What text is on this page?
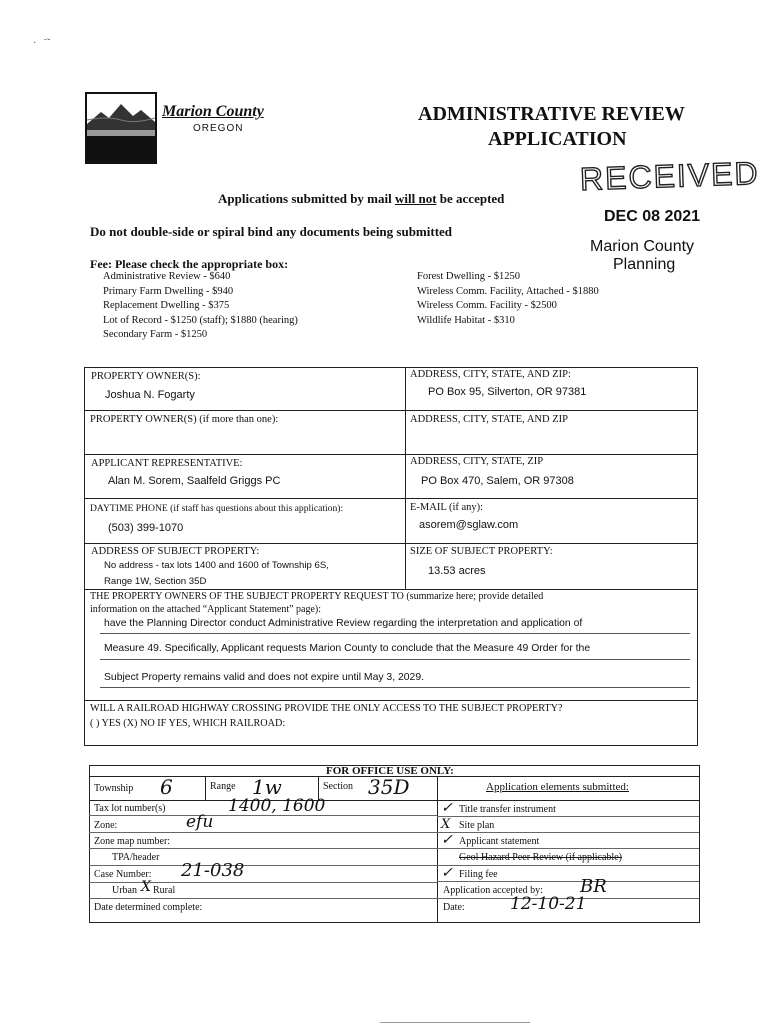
·   ˜ˇ
Marion County
OREGON
ADMINISTRATIVE REVIEW
APPLICATION
RECEIVED
DEC 08 2021
Marion County
Planning
Applications submitted by mail will not be accepted
Do not double-side or spiral bind any documents being submitted
Fee: Please check the appropriate box:
Administrative Review - $640
Primary Farm Dwelling - $940
Replacement Dwelling - $375
Lot of Record - $1250 (staff); $1880 (hearing)
Secondary Farm - $1250
Forest Dwelling - $1250
Wireless Comm. Facility, Attached - $1880
Wireless Comm. Facility - $2500
Wildlife Habitat - $310
PROPERTY OWNER(S):
Joshua N. Fogarty
ADDRESS, CITY, STATE, AND ZIP:
PO Box 95, Silverton, OR 97381
PROPERTY OWNER(S) (if more than one):	ADDRESS, CITY, STATE, AND ZIP
APPLICANT REPRESENTATIVE:
Alan M. Sorem, Saalfeld Griggs PC
ADDRESS, CITY, STATE, ZIP
PO Box 470, Salem, OR 97308
DAYTIME PHONE (if staff has questions about this application):
(503) 399-1070
E-MAIL (if any):
asorem@sglaw.com
ADDRESS OF SUBJECT PROPERTY:
No address - tax lots 1400 and 1600 of Township 6S,
Range 1W, Section 35D
SIZE OF SUBJECT PROPERTY:
13.53 acres
THE PROPERTY OWNERS OF THE SUBJECT PROPERTY REQUEST TO (summarize here; provide detailed
information on the attached “Applicant Statement” page):
have the Planning Director conduct Administrative Review regarding the interpretation and application of
Measure 49. Specifically, Applicant requests Marion County to conclude that the Measure 49 Order for the
Subject Property remains valid and does not expire until May 3, 2029.
WILL A RAILROAD HIGHWAY CROSSING PROVIDE THE ONLY ACCESS TO THE SUBJECT PROPERTY?
( ) YES (X) NO IF YES, WHICH RAILROAD:
FOR OFFICE USE ONLY:
Township 6	Range 1w	Section 35D
Tax lot number(s)	1400, 1600
Zone:	efu
Zone map number:
TPA/header
Case Number: 21-038
Urban X Rural
Date determined complete:
Application elements submitted:
✓ Title transfer instrument
X Site plan
✓ Applicant statement
Geol Hazard Peer Review (if applicable)
✓ Filing fee
Application accepted by: BR
Date:	12-10-21
